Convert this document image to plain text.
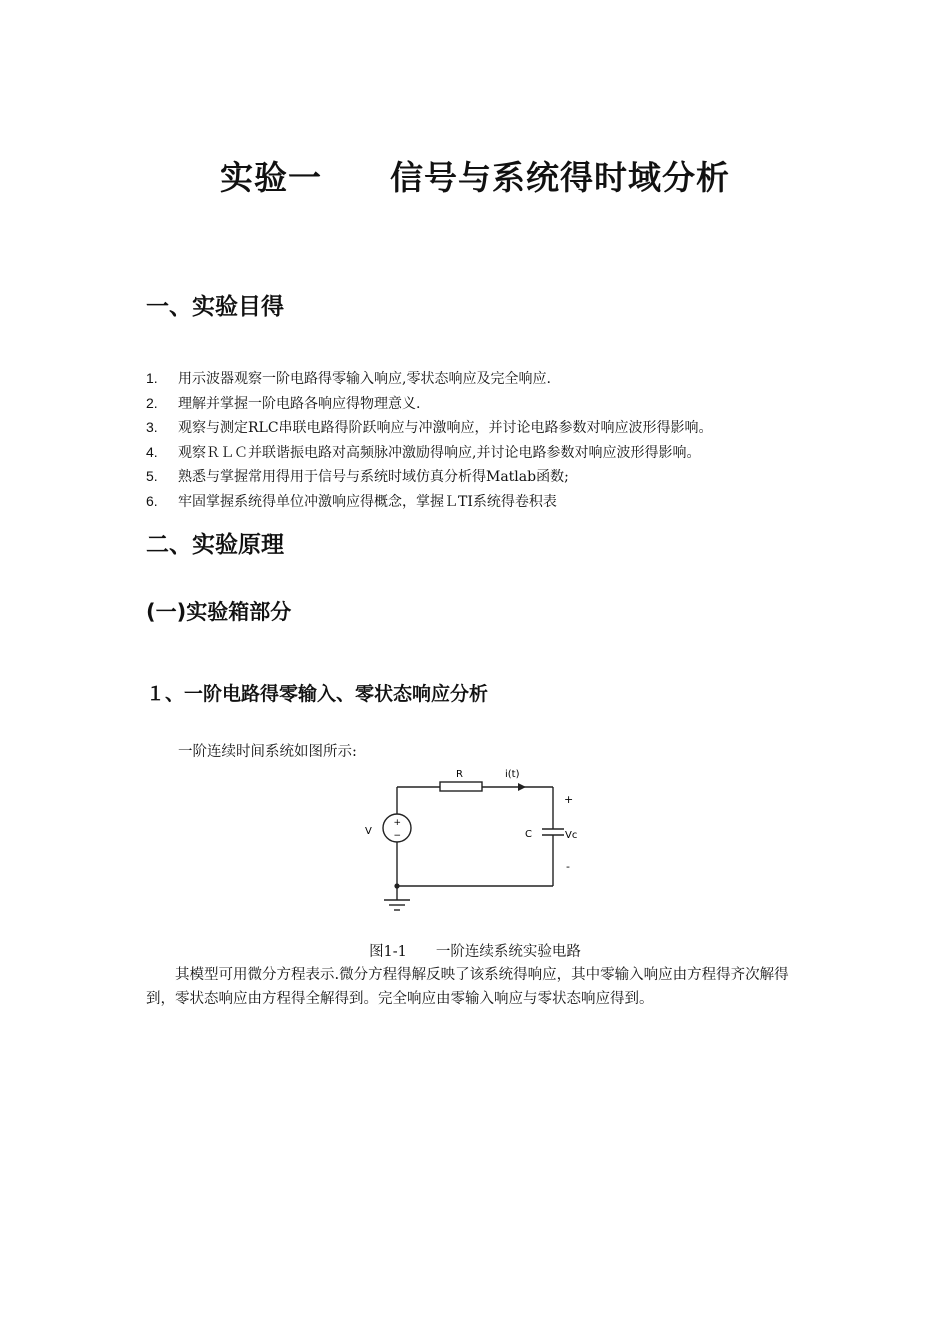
实验一　　信号与系统得时域分析
一、实验目得
1. 用示波器观察一阶电路得零输入响应,零状态响应及完全响应.
2. 理解并掌握一阶电路各响应得物理意义.
3. 观察与测定RLC串联电路得阶跃响应与冲激响应，并讨论电路参数对响应波形得影响。
4. 观察ＲＬＣ并联谐振电路对高频脉冲激励得响应,并讨论电路参数对响应波形得影响。
5. 熟悉与掌握常用得用于信号与系统时域仿真分析得Matlab函数;
6. 牢固掌握系统得单位冲激响应得概念，掌握ＬTI系统得卷积表
二、实验原理
(一)实验箱部分
１、一阶电路得零输入、零状态响应分析
一阶连续时间系统如图所示:
R	i(t)
+
C	Vc
-
V
+
−
图1-1　　一阶连续系统实验电路
　　其模型可用微分方程表示.微分方程得解反映了该系统得响应，其中零输入响应由方程得齐次解得到，零状态响应由方程得全解得到。完全响应由零输入响应与零状态响应得到。
